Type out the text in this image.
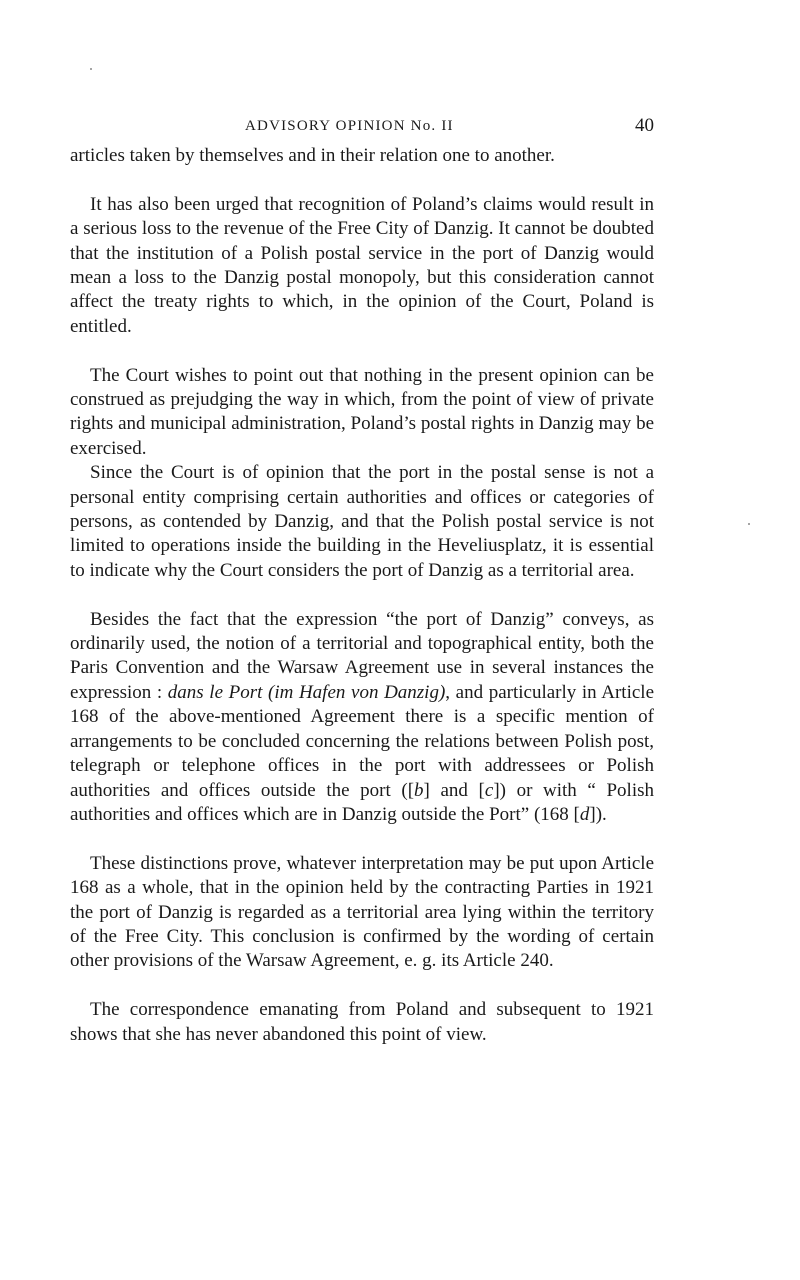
ADVISORY OPINION No. II	40

articles taken by themselves and in their relation one to another.

It has also been urged that recognition of Poland’s claims would result in a serious loss to the revenue of the Free City of Danzig. It cannot be doubted that the institution of a Polish postal service in the port of Danzig would mean a loss to the Danzig postal monopoly, but this consideration cannot affect the treaty rights to which, in the opinion of the Court, Poland is entitled.

The Court wishes to point out that nothing in the present opinion can be construed as prejudging the way in which, from the point of view of private rights and municipal administration, Poland’s postal rights in Danzig may be exercised.

Since the Court is of opinion that the port in the postal sense is not a personal entity comprising certain authorities and offices or categories of persons, as contended by Danzig, and that the Polish postal service is not limited to operations inside the building in the Heveliusplatz, it is essential to indicate why the Court considers the port of Danzig as a territorial area.

Besides the fact that the expression “the port of Danzig” conveys, as ordinarily used, the notion of a territorial and topographical entity, both the Paris Convention and the Warsaw Agreement use in several instances the expression : dans le Port (im Hafen von Danzig), and particularly in Article 168 of the above-mentioned Agreement there is a specific mention of arrangements to be concluded concerning the relations between Polish post, telegraph or telephone offices in the port with addressees or Polish authorities and offices outside the port ([b] and [c]) or with “ Polish authorities and offices which are in Danzig outside the Port” (168 [d]).

These distinctions prove, whatever interpretation may be put upon Article 168 as a whole, that in the opinion held by the contracting Parties in 1921 the port of Danzig is regarded as a territorial area lying within the territory of the Free City. This conclusion is confirmed by the wording of certain other provisions of the Warsaw Agreement, e. g. its Article 240.

The correspondence emanating from Poland and subsequent to 1921 shows that she has never abandoned this point of view.
